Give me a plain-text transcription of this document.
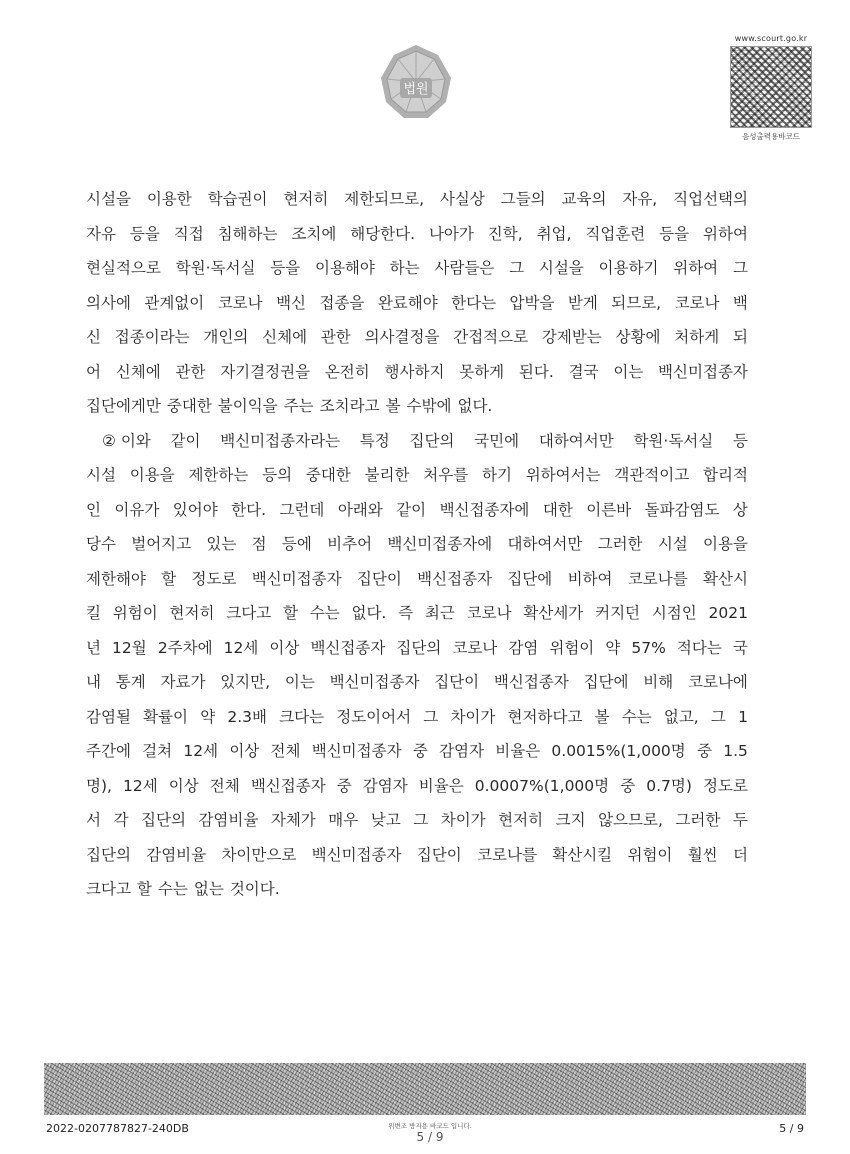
법원
www.scourt.go.kr
음성출력용바코드
시설을 이용한 학습권이 현저히 제한되므로, 사실상 그들의 교육의 자유, 직업선택의
자유 등을 직접 침해하는 조치에 해당한다. 나아가 진학, 취업, 직업훈련 등을 위하여
현실적으로 학원·독서실 등을 이용해야 하는 사람들은 그 시설을 이용하기 위하여 그
의사에 관계없이 코로나 백신 접종을 완료해야 한다는 압박을 받게 되므로, 코로나 백
신 접종이라는 개인의 신체에 관한 의사결정을 간접적으로 강제받는 상황에 처하게 되
어 신체에 관한 자기결정권을 온전히 행사하지 못하게 된다. 결국 이는 백신미접종자
집단에게만 중대한 불이익을 주는 조치라고 볼 수밖에 없다.
② 이와 같이 백신미접종자라는 특정 집단의 국민에 대하여서만 학원·독서실 등
시설 이용을 제한하는 등의 중대한 불리한 처우를 하기 위하여서는 객관적이고 합리적
인 이유가 있어야 한다. 그런데 아래와 같이 백신접종자에 대한 이른바 돌파감염도 상
당수 벌어지고 있는 점 등에 비추어 백신미접종자에 대하여서만 그러한 시설 이용을
제한해야 할 정도로 백신미접종자 집단이 백신접종자 집단에 비하여 코로나를 확산시
킬 위험이 현저히 크다고 할 수는 없다. 즉 최근 코로나 확산세가 커지던 시점인 2021
년 12월 2주차에 12세 이상 백신접종자 집단의 코로나 감염 위험이 약 57% 적다는 국
내 통계 자료가 있지만, 이는 백신미접종자 집단이 백신접종자 집단에 비해 코로나에
감염될 확률이 약 2.3배 크다는 정도이어서 그 차이가 현저하다고 볼 수는 없고, 그 1
주간에 걸쳐 12세 이상 전체 백신미접종자 중 감염자 비율은 0.0015%(1,000명 중 1.5
명), 12세 이상 전체 백신접종자 중 감염자 비율은 0.0007%(1,000명 중 0.7명) 정도로
서 각 집단의 감염비율 자체가 매우 낮고 그 차이가 현저히 크지 않으므로, 그러한 두
집단의 감염비율 차이만으로 백신미접종자 집단이 코로나를 확산시킬 위험이 훨씬 더
크다고 할 수는 없는 것이다.
2022-0207787827-240DB	위변조 방지용 바코드 입니다.
5 / 9
5 / 9
